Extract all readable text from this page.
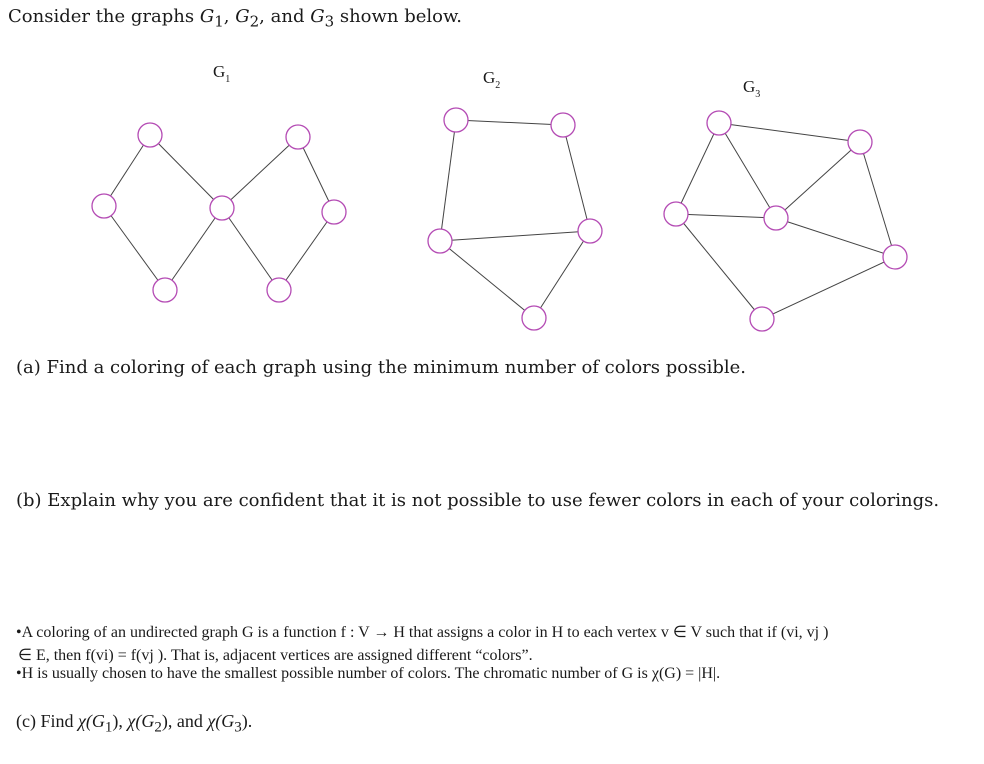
Consider the graphs $G_1$, $G_2$, and $G_3$ shown below.
$G_1$	$G_2$	$G_3$
(a) Find a coloring of each graph using the minimum number of colors possible.
(b) Explain why you are confident that it is not possible to use fewer colors in each of your colorings.
•A coloring of an undirected graph G is a function f : V → H that assigns a color in H to each vertex v ∈ V such that if (vi, vj )
∈ E, then f(vi) = f(vj ). That is, adjacent vertices are assigned different “colors”.
•H is usually chosen to have the smallest possible number of colors. The chromatic number of G is χ(G) = |H|.
(c) Find $\chi(G_1)$, $\chi(G_2)$, and $\chi(G_3)$.
